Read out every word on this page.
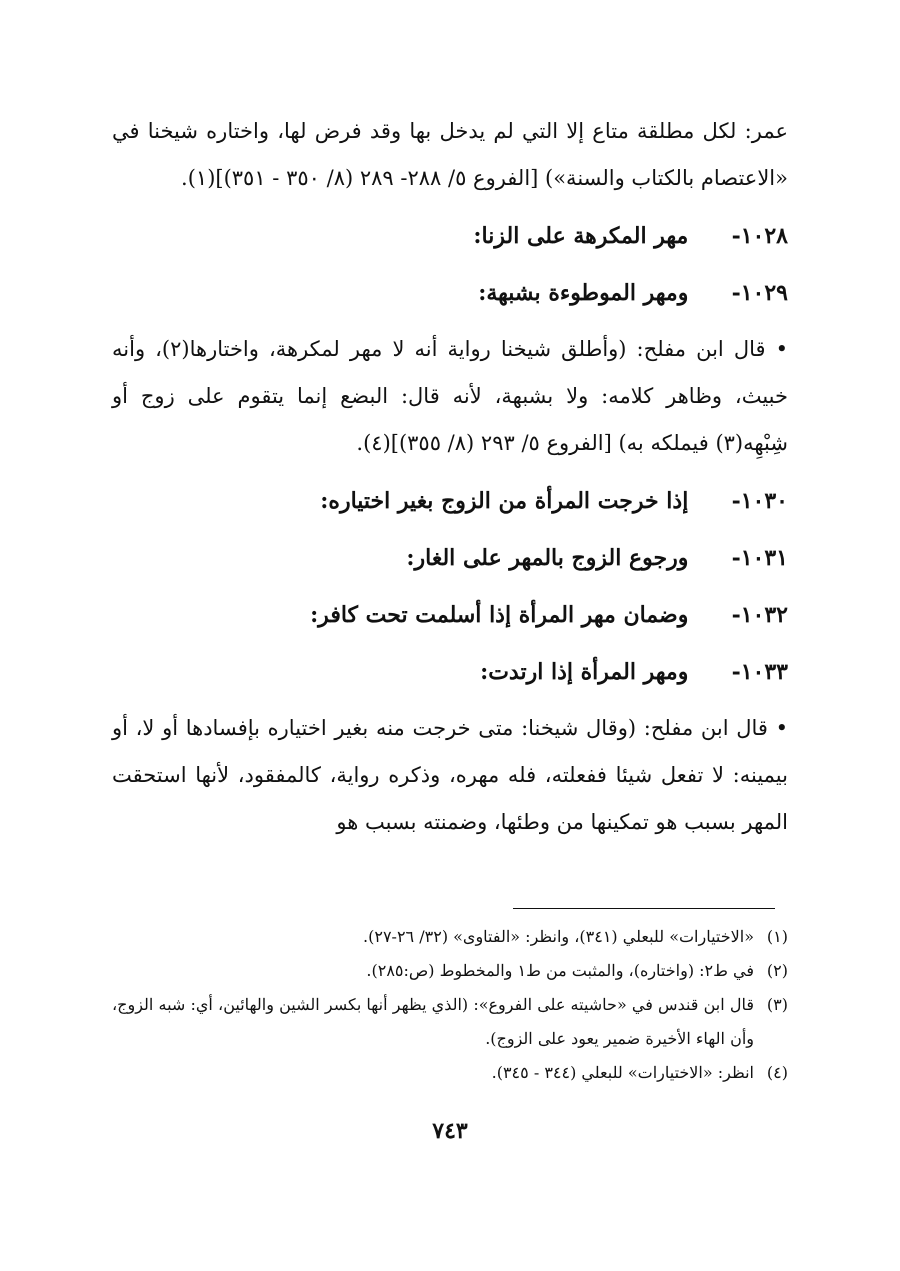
عمر: لكل مطلقة متاع إلا التي لم يدخل بها وقد فرض لها، واختاره شيخنا في «الاعتصام بالكتاب والسنة») [الفروع ٥/ ٢٨٨- ٢٨٩ (٨/ ٣٥٠ - ٣٥١)](١).

١٠٢٨- مهر المكرهة على الزنا:
١٠٢٩- ومهر الموطوءة بشبهة:

• قال ابن مفلح: (وأطلق شيخنا رواية أنه لا مهر لمكرهة، واختارها(٢)، وأنه خبيث، وظاهر كلامه: ولا بشبهة، لأنه قال: البضع إنما يتقوم على زوج أو شِبْهِه(٣) فيملكه به) [الفروع ٥/ ٢٩٣ (٨/ ٣٥٥)](٤).

١٠٣٠- إذا خرجت المرأة من الزوج بغير اختياره:
١٠٣١- ورجوع الزوج بالمهر على الغار:
١٠٣٢- وضمان مهر المرأة إذا أسلمت تحت كافر:
١٠٣٣- ومهر المرأة إذا ارتدت:

• قال ابن مفلح: (وقال شيخنا: متى خرجت منه بغير اختياره بإفسادها أو لا، أو بيمينه: لا تفعل شيئا ففعلته، فله مهره، وذكره رواية، كالمفقود، لأنها استحقت المهر بسبب هو تمكينها من وطئها، وضمنته بسبب هو

(١)
«الاختيارات» للبعلي (٣٤١)، وانظر: «الفتاوى» (٣٢/ ٢٦-٢٧).
(٢)
في ط٢: (واختاره)، والمثبت من ط١ والمخطوط (ص:٢٨٥).
(٣)
قال ابن قندس في «حاشيته على الفروع»: (الذي يظهر أنها بكسر الشين والهائين، أي: شبه الزوج، وأن الهاء الأخيرة ضمير يعود على الزوج).
(٤)
انظر: «الاختيارات» للبعلي (٣٤٤ - ٣٤٥).
٧٤٣
